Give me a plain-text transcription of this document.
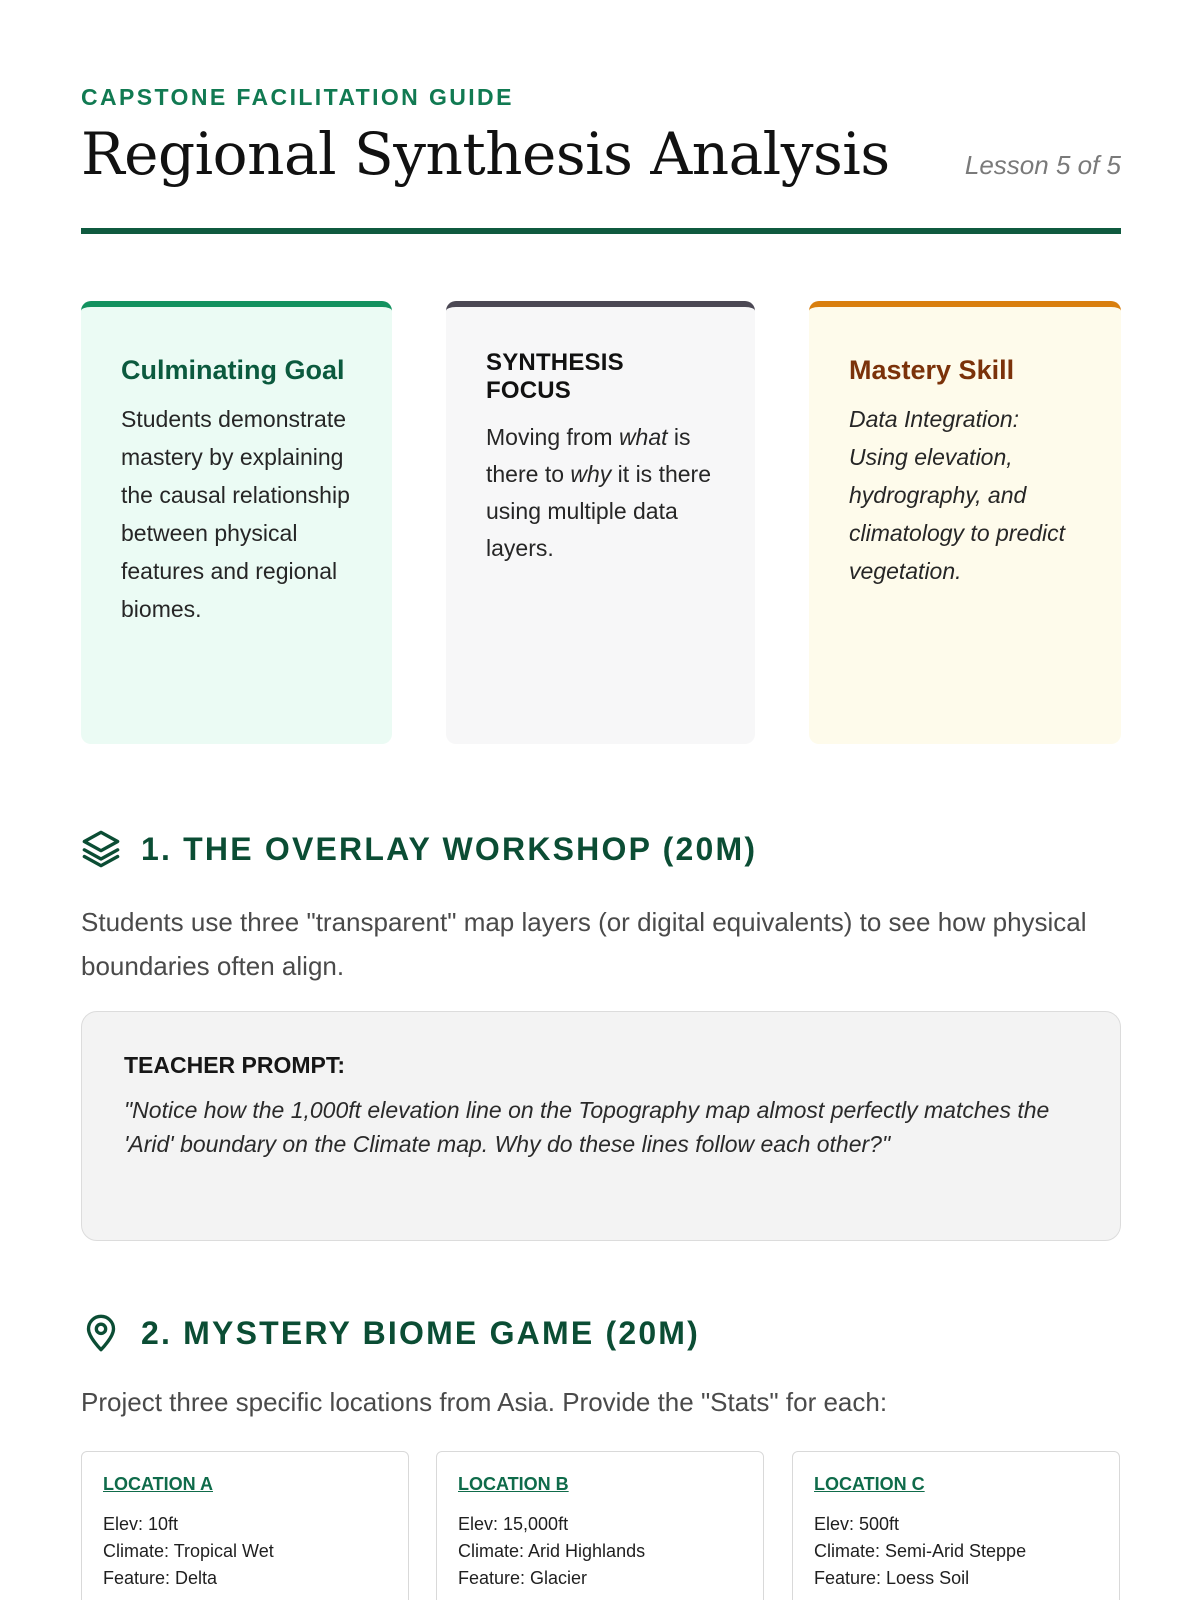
CAPSTONE FACILITATION GUIDE
Regional Synthesis Analysis	Lesson 5 of 5
Culminating Goal
Students demonstrate mastery by explaining the causal relationship between physical features and regional biomes.
SYNTHESIS FOCUS
Moving from what is there to why it is there using multiple data layers.
Mastery Skill
Data Integration: Using elevation, hydrography, and climatology to predict vegetation.
1. THE OVERLAY WORKSHOP (20M)

Students use three "transparent" map layers (or digital equivalents) to see how physical boundaries often align.

TEACHER PROMPT:
"Notice how the 1,000ft elevation line on the Topography map almost perfectly matches the 'Arid' boundary on the Climate map. Why do these lines follow each other?"
2. MYSTERY BIOME GAME (20M)

Project three specific locations from Asia. Provide the "Stats" for each:

LOCATION A
Elev: 10ft
Climate: Tropical Wet
Feature: Delta
LOCATION B
Elev: 15,000ft
Climate: Arid Highlands
Feature: Glacier
LOCATION C
Elev: 500ft
Climate: Semi-Arid Steppe
Feature: Loess Soil
